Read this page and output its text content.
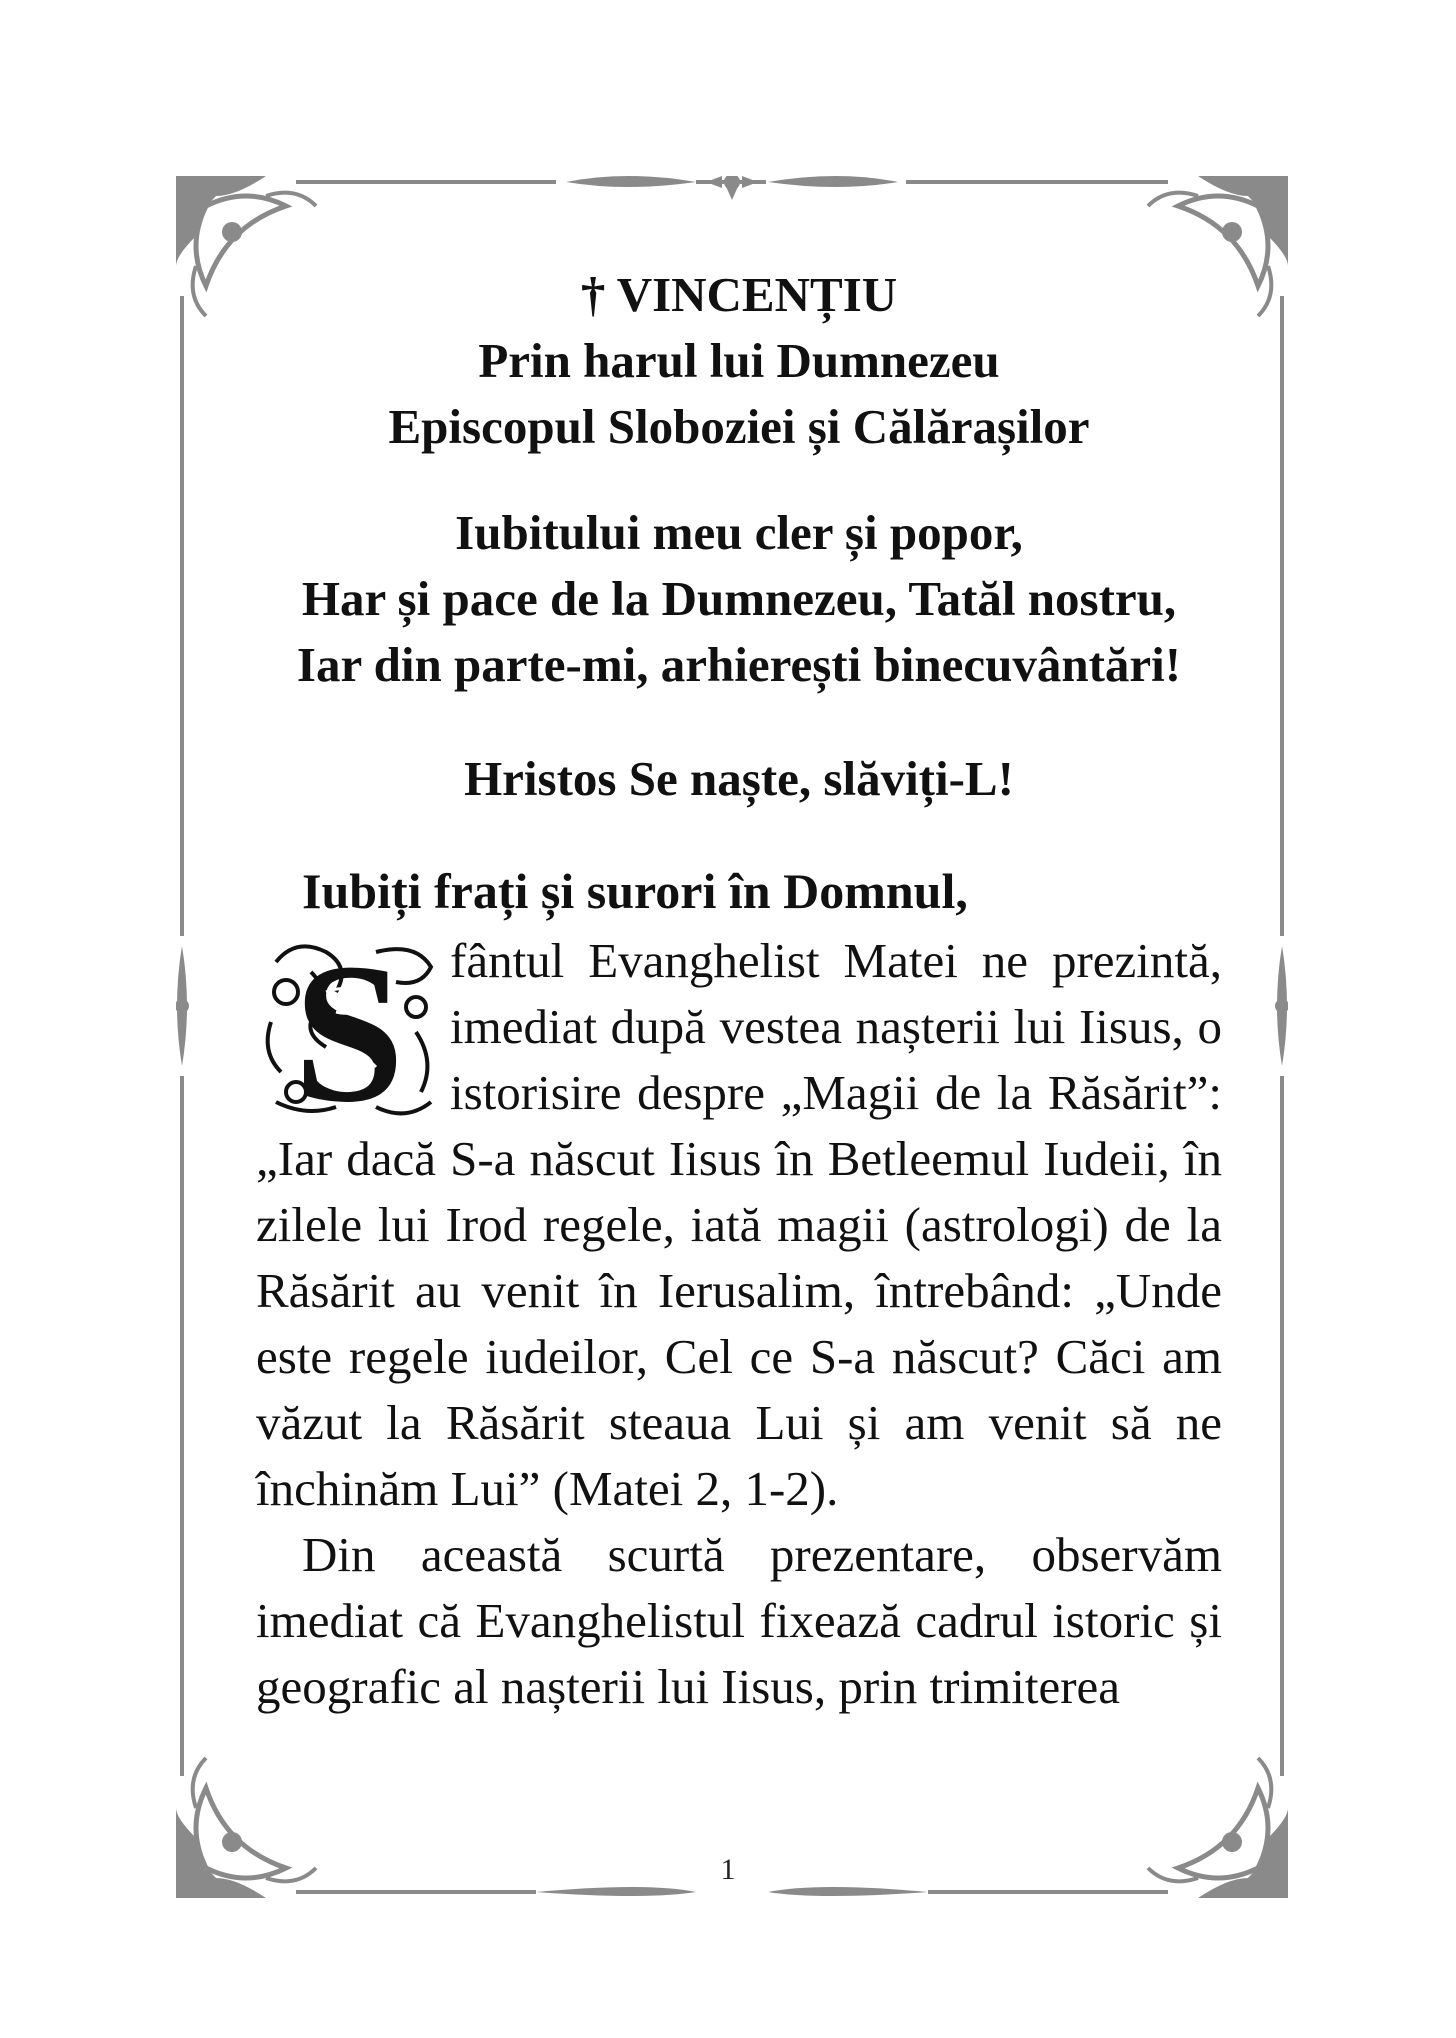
† VINCENȚIU

Prin harul lui Dumnezeu

Episcopul Sloboziei și Călărașilor

Iubitului meu cler și popor,

Har și pace de la Dumnezeu, Tatăl nostru,

Iar din parte-mi, arhierești binecuvântări!

Hristos Se naște, slăviți-L!

Iubiți frați și surori în Domnul,

S fântul Evanghelist Matei ne prezintă, imediat după vestea nașterii lui Iisus, o istorisire despre „Magii de la Răsărit”: „Iar dacă S-a născut Iisus în Betleemul Iudeii, în zilele lui Irod regele, iată magii (astrologi) de la Răsărit au venit în Ierusalim, întrebând: „Unde este regele iudeilor, Cel ce S-a născut? Căci am văzut la Răsărit steaua Lui și am venit să ne închinăm Lui” (Matei 2, 1-2).

Din această scurtă prezentare, observăm imediat că Evanghelistul fixează cadrul istoric și geografic al nașterii lui Iisus, prin trimiterea

1
